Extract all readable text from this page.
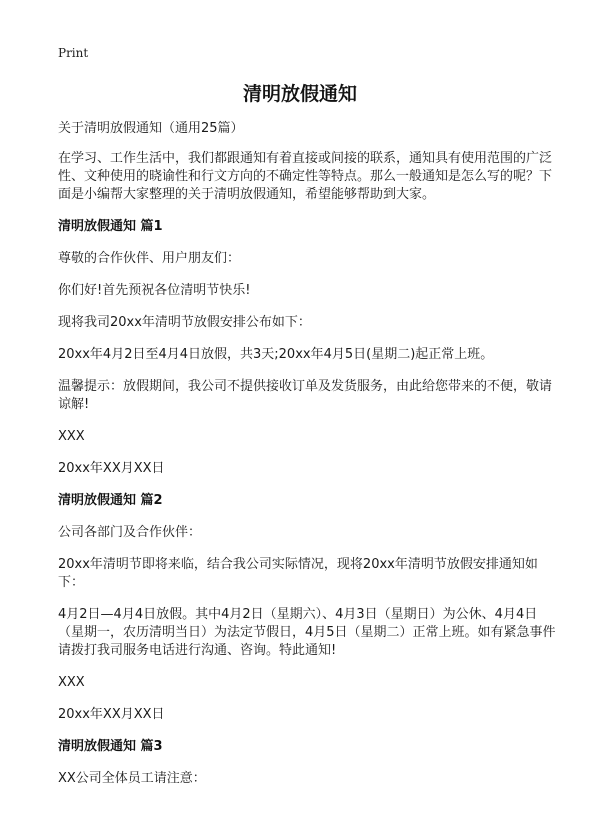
Print
清明放假通知

关于清明放假通知（通用25篇）

在学习、工作生活中，我们都跟通知有着直接或间接的联系，通知具有使用范围的广泛性、文种使用的晓谕性和行文方向的不确定性等特点。那么一般通知是怎么写的呢？下面是小编帮大家整理的关于清明放假通知，希望能够帮助到大家。

清明放假通知 篇1

尊敬的合作伙伴、用户朋友们：

你们好!首先预祝各位清明节快乐!

现将我司20xx年清明节放假安排公布如下：

20xx年4月2日至4月4日放假，共3天;20xx年4月5日(星期二)起正常上班。

温馨提示：放假期间，我公司不提供接收订单及发货服务，由此给您带来的不便，敬请谅解!

XXX

20xx年XX月XX日

清明放假通知 篇2

公司各部门及合作伙伴：

20xx年清明节即将来临，结合我公司实际情况，现将20xx年清明节放假安排通知如下：

4月2日—4月4日放假。其中4月2日（星期六）、4月3日（星期日）为公休、4月4日（星期一，农历清明当日）为法定节假日，4月5日（星期二）正常上班。如有紧急事件请拨打我司服务电话进行沟通、咨询。特此通知!

XXX

20xx年XX月XX日

清明放假通知 篇3

XX公司全体员工请注意：
